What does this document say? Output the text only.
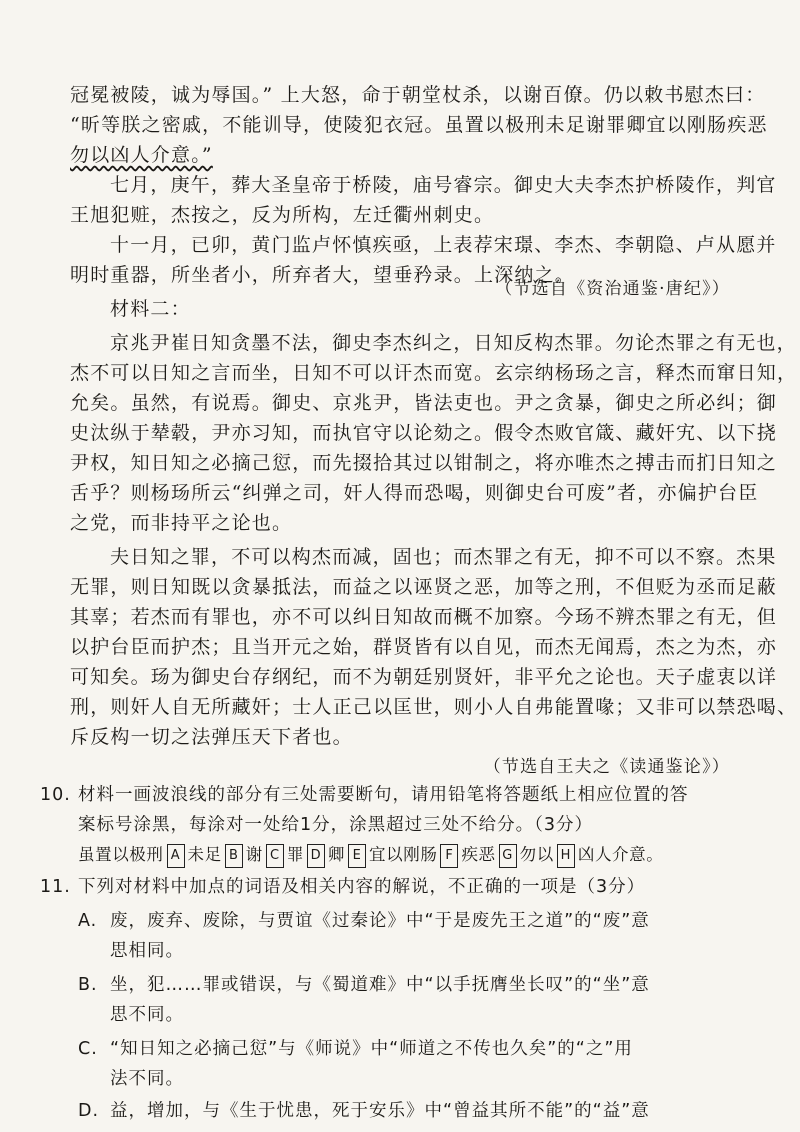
冠冕被陵，诚为辱国。” 上大怒，命于朝堂杖杀，以谢百僚。仍以敕书慰杰曰：
“昕等朕之密戚，不能训导，使陵犯衣冠。虽置以极刑未足谢罪卿宜以刚肠疾恶
勿以凶人介意。”
七月，庚午，葬大圣皇帝于桥陵，庙号睿宗。御史大夫李杰护桥陵作，判官
王旭犯赃，杰按之，反为所构，左迁衢州刺史。
十一月，已卯，黄门监卢怀慎疾亟，上表荐宋璟、李杰、李朝隐、卢从愿并
明时重器，所坐者小，所弃者大，望垂矜录。上深纳之。
（节选自《资治通鉴·唐纪》）
材料二：
京兆尹崔日知贪墨不法，御史李杰纠之，日知反构杰罪。勿论杰罪之有无也，
杰不可以日知之言而坐，日知不可以讦杰而宽。玄宗纳杨玚之言，释杰而窜日知，
允矣。虽然，有说焉。御史、京兆尹，皆法吏也。尹之贪暴，御史之所必纠；御
史汰纵于辇毂，尹亦习知，而执官守以论劾之。假令杰败官箴、藏奸宄、以下挠
尹权，知日知之必摘己愆，而先掇拾其过以钳制之，将亦唯杰之搏击而扪日知之
舌乎？则杨玚所云“纠弹之司，奸人得而恐喝，则御史台可废”者，亦偏护台臣
之党，而非持平之论也。
夫日知之罪，不可以构杰而减，固也；而杰罪之有无，抑不可以不察。杰果
无罪，则日知既以贪暴抵法，而益之以诬贤之恶，加等之刑，不但贬为丞而足蔽
其辜；若杰而有罪也，亦不可以纠日知故而概不加察。今玚不辨杰罪之有无，但
以护台臣而护杰；且当开元之始，群贤皆有以自见，而杰无闻焉，杰之为杰，亦
可知矣。玚为御史台存纲纪，而不为朝廷别贤奸，非平允之论也。天子虚衷以详
刑，则奸人自无所藏奸；士人正己以匡世，则小人自弗能置喙；又非可以禁恐喝、
斥反构一切之法弹压天下者也。
（节选自王夫之《读通鉴论》）
10. 材料一画波浪线的部分有三处需要断句，请用铅笔将答题纸上相应位置的答
案标号涂黑，每涂对一处给1分，涂黑超过三处不给分。（3分）
虽置以极刑 A 未足 B 谢 C 罪 D 卿 E 宜以刚肠 F 疾恶 G 勿以 H 凶人介意。
11. 下列对材料中加点的词语及相关内容的解说，不正确的一项是（3分）
A. 废，废弃、废除，与贾谊《过秦论》中“于是废先王之道”的“废”意
思相同。
B. 坐，犯……罪或错误，与《蜀道难》中“以手抚膺坐长叹”的“坐”意
思不同。
C. “知日知之必摘己愆”与《师说》中“师道之不传也久矣”的“之”用
法不同。
D. 益，增加，与《生于忧患，死于安乐》中“曾益其所不能”的“益”意
